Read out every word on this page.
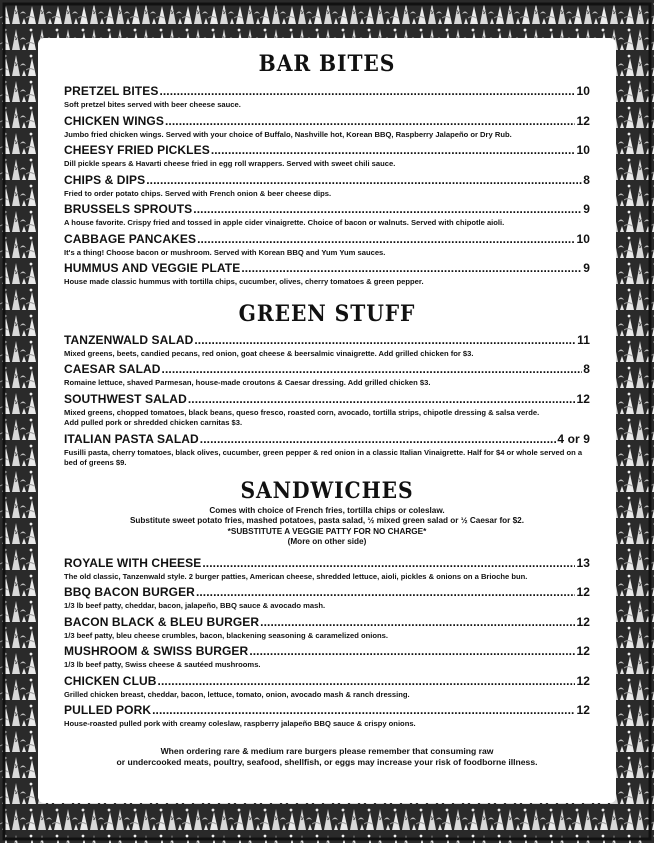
BAR BITES
PRETZEL BITES .....	10
Soft pretzel bites served with beer cheese sauce.
CHICKEN WINGS .....	12
Jumbo fried chicken wings. Served with your choice of Buffalo, Nashville hot, Korean BBQ, Raspberry Jalapeño or Dry Rub.
CHEESY FRIED PICKLES .....	10
Dill pickle spears & Havarti cheese fried in egg roll wrappers. Served with sweet chili sauce.
CHIPS & DIPS .....	8
Fried to order potato chips. Served with French onion & beer cheese dips.
BRUSSELS SPROUTS .....	9
A house favorite. Crispy fried and tossed in apple cider vinaigrette. Choice of bacon or walnuts. Served with chipotle aioli.
CABBAGE PANCAKES .....	10
It's a thing! Choose bacon or mushroom. Served with Korean BBQ and Yum Yum sauces.
HUMMUS AND VEGGIE PLATE .....	9
House made classic hummus with tortilla chips, cucumber, olives, cherry tomatoes & green pepper.
GREEN STUFF
TANZENWALD SALAD .....	11
Mixed greens, beets, candied pecans, red onion, goat cheese & beersalmic vinaigrette. Add grilled chicken for $3.
CAESAR SALAD .....	8
Romaine lettuce, shaved Parmesan, house-made croutons & Caesar dressing. Add grilled chicken $3.
SOUTHWEST SALAD .....	12
Mixed greens, chopped tomatoes, black beans, queso fresco, roasted corn, avocado, tortilla strips, chipotle dressing & salsa verde.
Add pulled pork or shredded chicken carnitas $3.
ITALIAN PASTA SALAD .....	4 or 9
Fusilli pasta, cherry tomatoes, black olives, cucumber, green pepper & red onion in a classic Italian Vinaigrette. Half for $4 or whole served on a bed of greens $9.
SANDWICHES
Comes with choice of French fries, tortilla chips or coleslaw.
Substitute sweet potato fries, mashed potatoes, pasta salad, ½ mixed green salad or ½ Caesar for $2.
*SUBSTITUTE A VEGGIE PATTY FOR NO CHARGE*
(More on other side)
ROYALE WITH CHEESE .....	13
The old classic, Tanzenwald style. 2 burger patties, American cheese, shredded lettuce, aioli, pickles & onions on a Brioche bun.
BBQ BACON BURGER .....	12
1/3 lb beef patty, cheddar, bacon, jalapeño, BBQ sauce & avocado mash.
BACON BLACK & BLEU BURGER .....	12
1/3 beef patty, bleu cheese crumbles, bacon, blackening seasoning & caramelized onions.
MUSHROOM & SWISS BURGER .....	12
1/3 lb beef patty, Swiss cheese & sautéed mushrooms.
CHICKEN CLUB .....	12
Grilled chicken breast, cheddar, bacon, lettuce, tomato, onion, avocado mash & ranch dressing.
PULLED PORK .....	12
House-roasted pulled pork with creamy coleslaw, raspberry jalapeño BBQ sauce & crispy onions.
When ordering rare & medium rare burgers please remember that consuming raw
or undercooked meats, poultry, seafood, shellfish, or eggs may increase your risk of foodborne illness.
